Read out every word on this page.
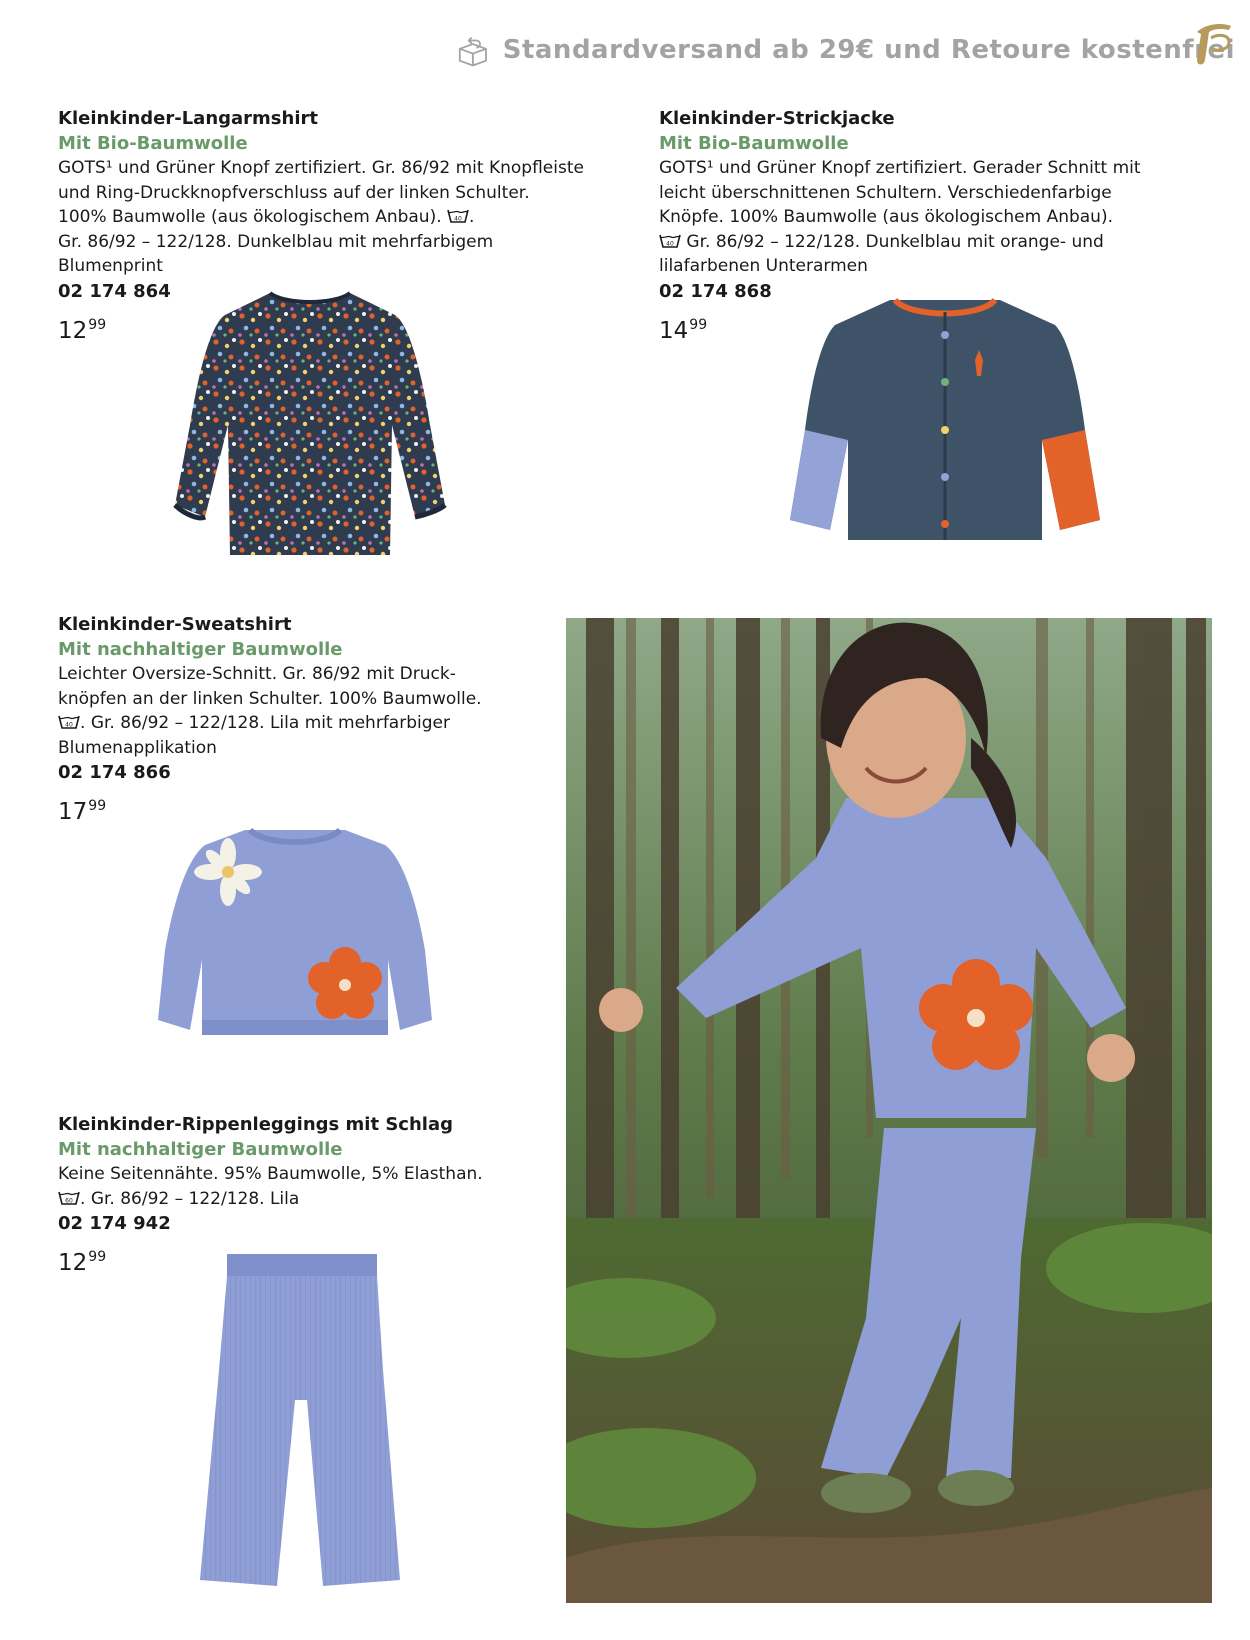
Standardversand ab 29€ und Retoure kostenfrei
Kleinkinder-Langarmshirt
Mit Bio-Baumwolle
GOTS¹ und Grüner Knopf zertifiziert. Gr. 86/92 mit Knopfleiste
und Ring-Druckknopfverschluss auf der linken Schulter.
100% Baumwolle (aus ökologischem Anbau). 40 .
Gr. 86/92 – 122/128. Dunkelblau mit mehrfarbigem Blumenprint
02 174 864
$12^{99}$
Kleinkinder-Strickjacke
Mit Bio-Baumwolle
GOTS¹ und Grüner Knopf zertifiziert. Gerader Schnitt mit
leicht überschnittenen Schultern. Verschiedenfarbige
Knöpfe. 100% Baumwolle (aus ökologischem Anbau).
40 Gr. 86/92 – 122/128. Dunkelblau mit orange- und
lilafarbenen Unterarmen
02 174 868
$14^{99}$
Kleinkinder-Sweatshirt
Mit nachhaltiger Baumwolle
Leichter Oversize-Schnitt. Gr. 86/92 mit Druck-
knöpfen an der linken Schulter. 100% Baumwolle.
40 . Gr. 86/92 – 122/128. Lila mit mehrfarbiger
Blumenapplikation
02 174 866
$17^{99}$
Kleinkinder-Rippenleggings mit Schlag
Mit nachhaltiger Baumwolle
Keine Seitennähte. 95% Baumwolle, 5% Elasthan.
60 . Gr. 86/92 – 122/128. Lila
02 174 942
$12^{99}$
